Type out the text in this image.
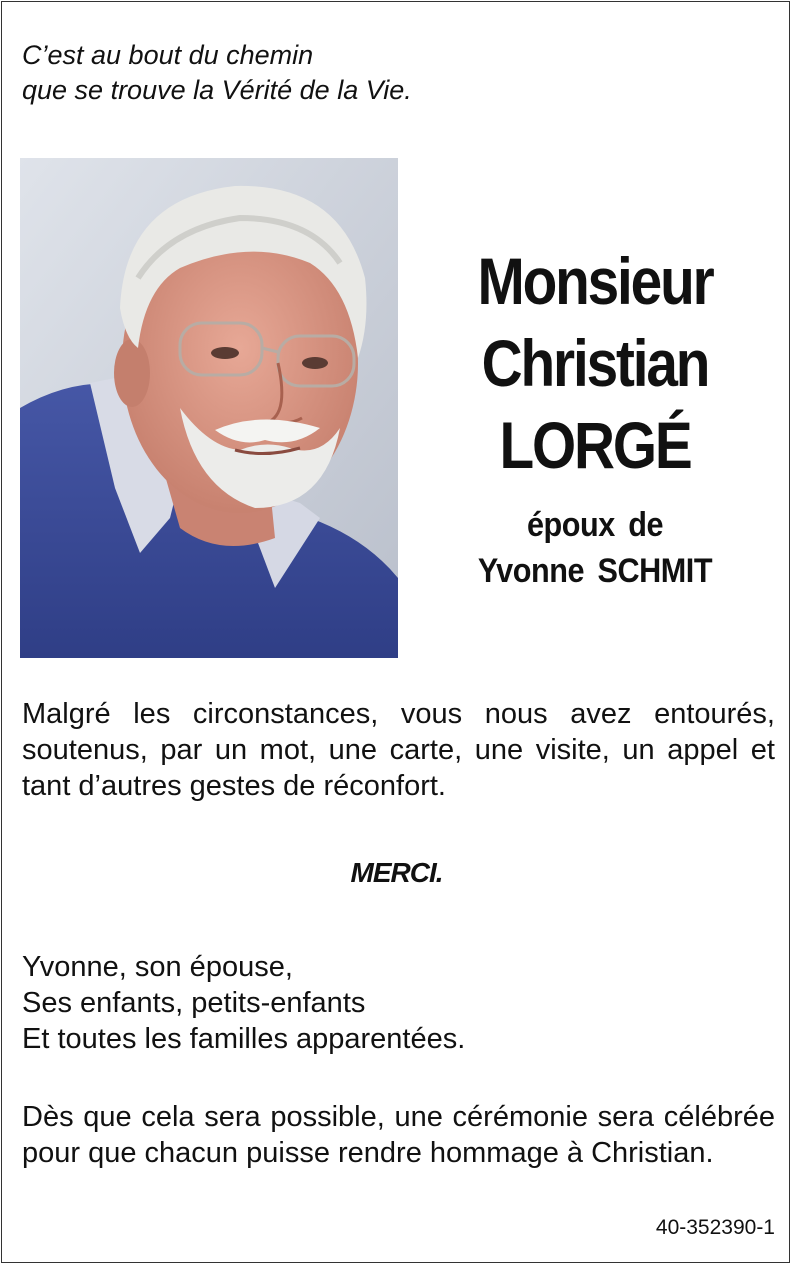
C’est au bout du chemin

que se trouve la Vérité de la Vie.

Monsieur
Christian
LORGÉ
époux de
Yvonne SCHMIT

Malgré les circonstances, vous nous avez entourés, soutenus, par un mot, une carte, une visite, un appel et tant d’autres gestes de réconfort.

MERCI.
Yvonne, son épouse,
Ses enfants, petits-enfants
Et toutes les familles apparentées.

Dès que cela sera possible, une cérémonie sera célébrée pour que chacun puisse rendre hommage à Christian.

40-352390-1
